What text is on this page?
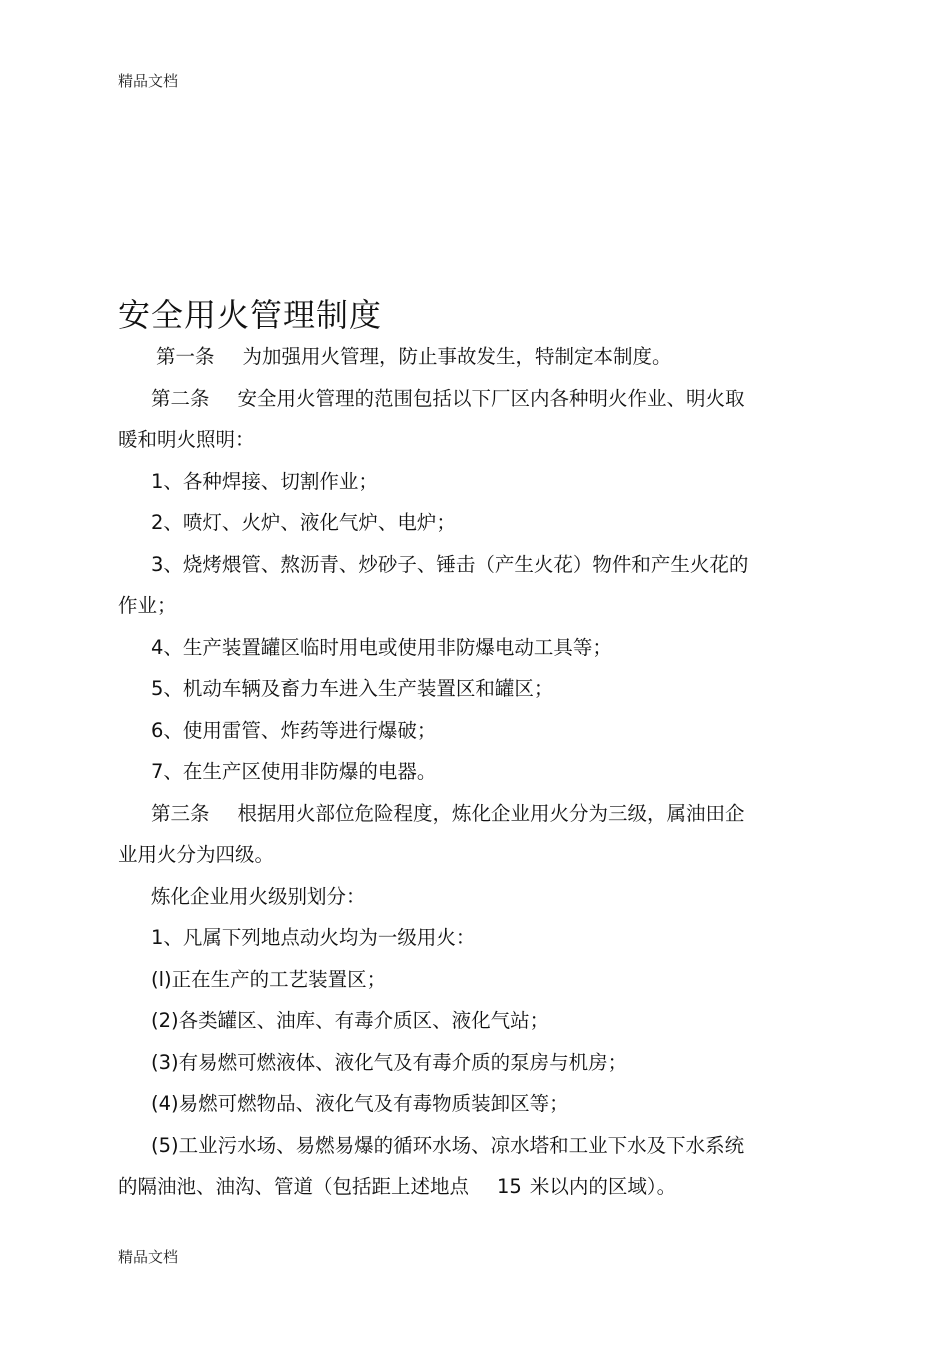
精品文档
安全用火管理制度
第一条 为加强用火管理，防止事故发生，特制定本制度。
第二条 安全用火管理的范围包括以下厂区内各种明火作业、明火取
暖和明火照明：
1、各种焊接、切割作业；
2、喷灯、火炉、液化气炉、电炉；
3、烧烤煨管、熬沥青、炒砂子、锤击（产生火花）物件和产生火花的
作业；
4、生产装置罐区临时用电或使用非防爆电动工具等；
5、机动车辆及畜力车进入生产装置区和罐区；
6、使用雷管、炸药等进行爆破；
7、在生产区使用非防爆的电器。
第三条 根据用火部位危险程度，炼化企业用火分为三级，属油田企
业用火分为四级。
炼化企业用火级别划分：
1、凡属下列地点动火均为一级用火：
(l)正在生产的工艺装置区；
(2)各类罐区、油库、有毒介质区、液化气站；
(3)有易燃可燃液体、液化气及有毒介质的泵房与机房；
(4)易燃可燃物品、液化气及有毒物质装卸区等；
(5)工业污水场、易燃易爆的循环水场、凉水塔和工业下水及下水系统
的隔油池、油沟、管道（包括距上述地点 15 米以内的区域）。
精品文档
